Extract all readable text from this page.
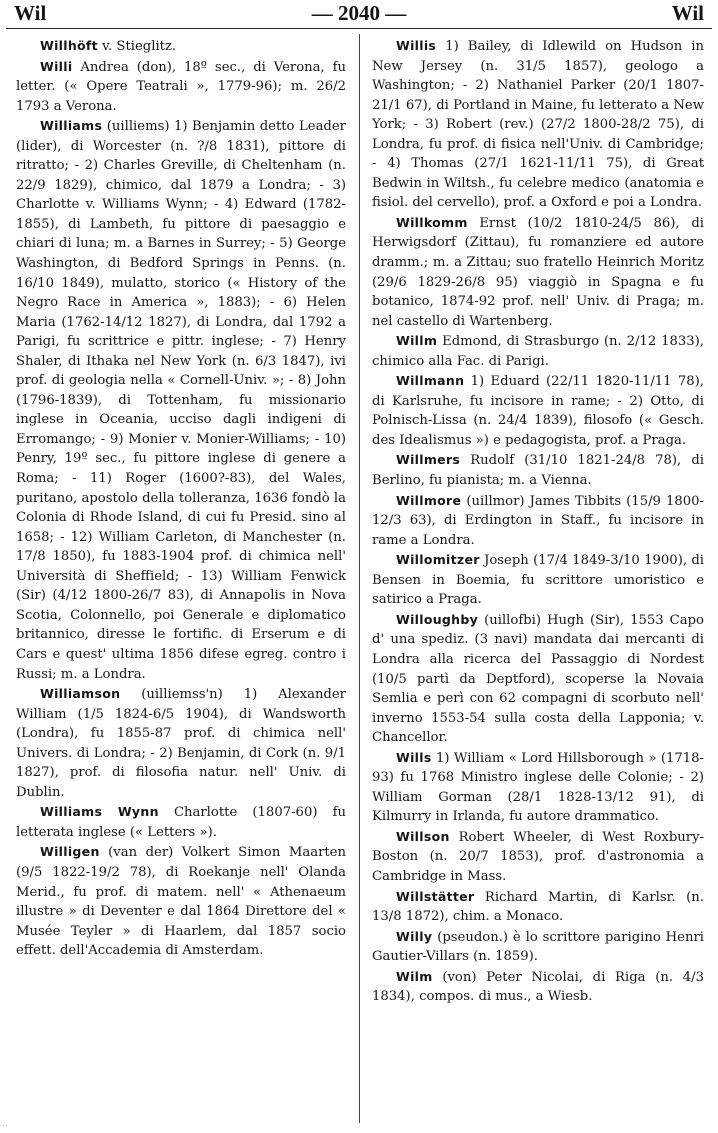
Wil	— 2040 —	Wil

Willhöft v. Stieglitz.

Willi Andrea (don), 18º sec., di Verona, fu letter. (« Opere Teatrali », 1779-96); m. 26/2 1793 a Verona.

Williams (uilliems) 1) Benjamin detto Leader (lider), di Worcester (n. ?/8 1831), pittore di ritratto; - 2) Charles Greville, di Cheltenham (n. 22/9 1829), chimico, dal 1879 a Londra; - 3) Charlotte v. Williams Wynn; - 4) Edward (1782-1855), di Lambeth, fu pittore di paesaggio e chiari di luna; m. a Barnes in Surrey; - 5) George Washington, di Bedford Springs in Penns. (n. 16/10 1849), mulatto, storico (« History of the Negro Race in America », 1883); - 6) Helen Maria (1762-14/12 1827), di Londra, dal 1792 a Parigi, fu scrittrice e pittr. inglese; - 7) Henry Shaler, di Ithaka nel New York (n. 6/3 1847), ivi prof. di geologia nella « Cornell-Univ. »; - 8) John (1796-1839), di Tottenham, fu missionario inglese in Oceania, ucciso dagli indigeni di Erromango; - 9) Monier v. Monier-Williams; - 10) Penry, 19º sec., fu pittore inglese di genere a Roma; - 11) Roger (1600?-83), del Wales, puritano, apostolo della tolleranza, 1636 fondò la Colonia di Rhode Island, di cui fu Presid. sino al 1658; - 12) William Carleton, di Manchester (n. 17/8 1850), fu 1883-1904 prof. di chimica nell' Università di Sheffield; - 13) William Fenwick (Sir) (4/12 1800-26/7 83), di Annapolis in Nova Scotia, Colonnello, poi Generale e diplomatico britannico, diresse le fortific. di Erserum e di Cars e quest' ultima 1856 difese egreg. contro i Russi; m. a Londra.

Williamson (uilliemss'n) 1) Alexander William (1/5 1824-6/5 1904), di Wandsworth (Londra), fu 1855-87 prof. di chimica nell' Univers. di Londra; - 2) Benjamin, di Cork (n. 9/1 1827), prof. di filosofia natur. nell' Univ. di Dublin.

Williams Wynn Charlotte (1807-60) fu letterata inglese (« Letters »).

Willigen (van der) Volkert Simon Maarten (9/5 1822-19/2 78), di Roekanje nell' Olanda Merid., fu prof. di matem. nell' « Athenaeum illustre » di Deventer e dal 1864 Direttore del « Musée Teyler » di Haarlem, dal 1857 socio effett. dell'Accademia di Amsterdam.

Willis 1) Bailey, di Idlewild on Hudson in New Jersey (n. 31/5 1857), geologo a Washington; - 2) Nathaniel Parker (20/1 1807-21/1 67), di Portland in Maine, fu letterato a New York; - 3) Robert (rev.) (27/2 1800-28/2 75), di Londra, fu prof. di fisica nell'Univ. di Cambridge; - 4) Thomas (27/1 1621-11/11 75), di Great Bedwin in Wiltsh., fu celebre medico (anatomia e fisiol. del cervello), prof. a Oxford e poi a Londra.

Willkomm Ernst (10/2 1810-24/5 86), di Herwigsdorf (Zittau), fu romanziere ed autore dramm.; m. a Zittau; suo fratello Heinrich Moritz (29/6 1829-26/8 95) viaggiò in Spagna e fu botanico, 1874-92 prof. nell' Univ. di Praga; m. nel castello di Wartenberg.

Willm Edmond, di Strasburgo (n. 2/12 1833), chimico alla Fac. di Parigi.

Willmann 1) Eduard (22/11 1820-11/11 78), di Karlsruhe, fu incisore in rame; - 2) Otto, di Polnisch-Lissa (n. 24/4 1839), filosofo (« Gesch. des Idealismus ») e pedagogista, prof. a Praga.

Willmers Rudolf (31/10 1821-24/8 78), di Berlino, fu pianista; m. a Vienna.

Willmore (uillmor) James Tibbits (15/9 1800-12/3 63), di Erdington in Staff., fu incisore in rame a Londra.

Willomitzer Joseph (17/4 1849-3/10 1900), di Bensen in Boemia, fu scrittore umoristico e satirico a Praga.

Willoughby (uillofbi) Hugh (Sir), 1553 Capo d' una spediz. (3 navi) mandata dai mercanti di Londra alla ricerca del Passaggio di Nordest (10/5 partì da Deptford), scoperse la Novaia Semlia e perì con 62 compagni di scorbuto nell' inverno 1553-54 sulla costa della Lapponia; v. Chancellor.

Wills 1) William « Lord Hillsborough » (1718-93) fu 1768 Ministro inglese delle Colonie; - 2) William Gorman (28/1 1828-13/12 91), di Kilmurry in Irlanda, fu autore drammatico.

Willson Robert Wheeler, di West Roxbury-Boston (n. 20/7 1853), prof. d'astronomia a Cambridge in Mass.

Willstätter Richard Martin, di Karlsr. (n. 13/8 1872), chim. a Monaco.

Willy (pseudon.) è lo scrittore parigino Henri Gautier-Villars (n. 1859).

Wilm (von) Peter Nicolai, di Riga (n. 4/3 1834), compos. di mus., a Wiesb.

..
